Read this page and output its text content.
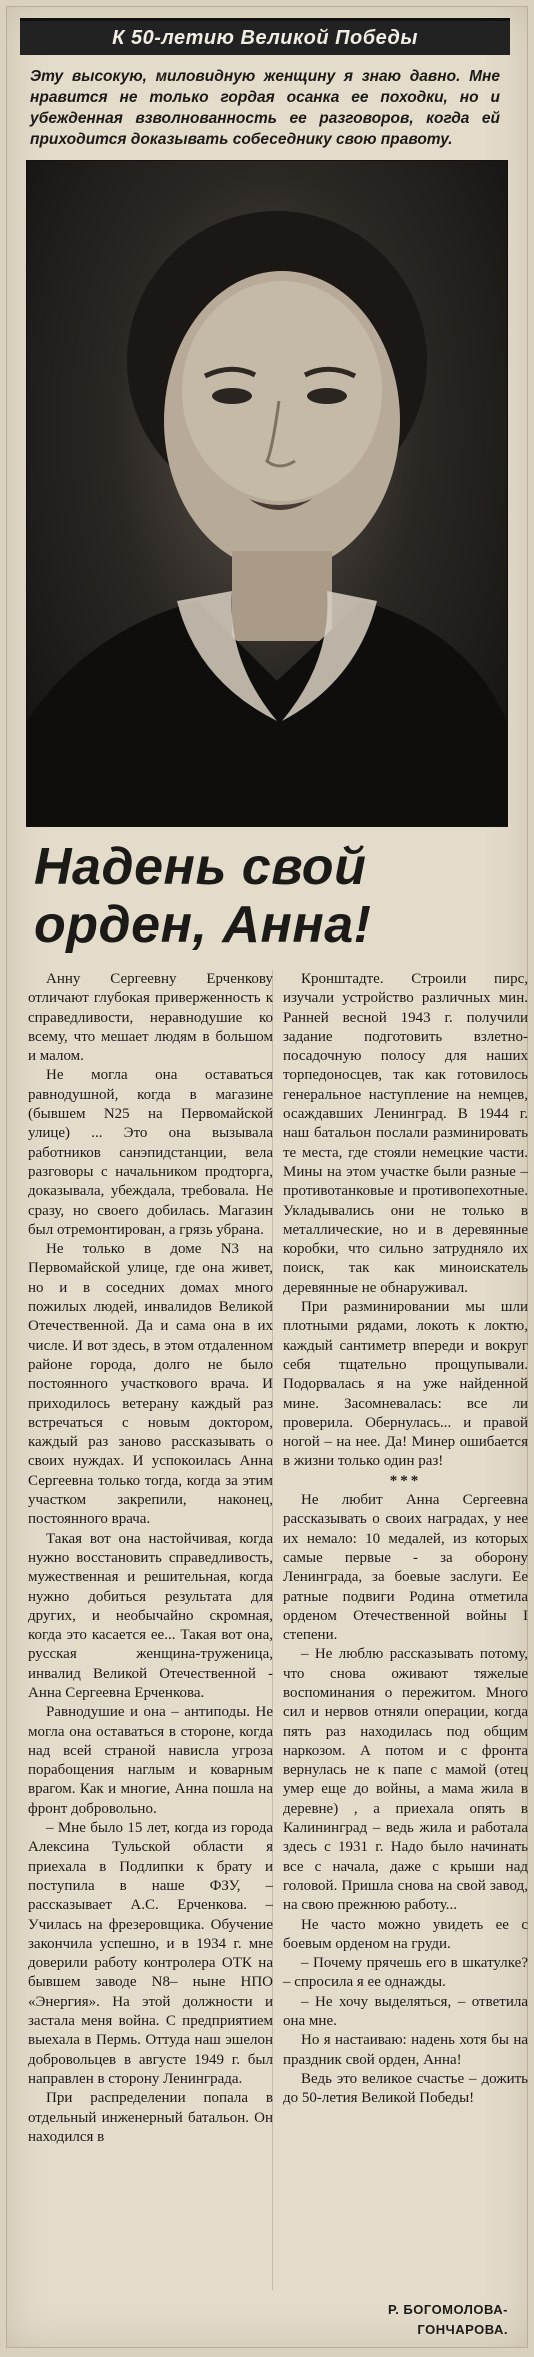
К 50-летию Великой Победы
Эту высокую, миловидную женщину я знаю давно. Мне нравится не только гордая осанка ее походки, но и убежденная взволнованность ее разговоров, когда ей приходится доказывать собеседнику свою правоту.
Надень свой
орден, Анна!

Анну Сергеевну Ерченкову отличают глубокая приверженность к справедливости, неравнодушие ко всему, что мешает людям в большом и малом.

Не могла она оставаться равнодушной, когда в магазине (бывшем N25 на Первомайской улице) ... Это она вызывала работников санэпидстанции, вела разговоры с начальником продторга, доказывала, убеждала, требовала. Не сразу, но своего добилась. Магазин был отремонтирован, а грязь убрана.

Не только в доме N3 на Первомайской улице, где она живет, но и в соседних домах много пожилых людей, инвалидов Великой Отечественной. Да и сама она в их числе. И вот здесь, в этом отдаленном районе города, долго не было постоянного участкового врача. И приходилось ветерану каждый раз встречаться с новым доктором, каждый раз заново рассказывать о своих нуждах. И успокоилась Анна Сергеевна только тогда, когда за этим участком закрепили, наконец, постоянного врача.

Такая вот она настойчивая, когда нужно восстановить справедливость, мужественная и решительная, когда нужно добиться результата для других, и необычайно скромная, когда это касается ее... Такая вот она, русская женщина-труженица, инвалид Великой Отечественной - Анна Сергеевна Ерченкова.

Равнодушие и она – антиподы. Не могла она оставаться в стороне, когда над всей страной нависла угроза порабощения наглым и коварным врагом. Как и многие, Анна пошла на фронт добровольно.

– Мне было 15 лет, когда из города Алексина Тульской области я приехала в Подлипки к брату и поступила в наше ФЗУ, – рассказывает А.С. Ерченкова. – Училась на фрезеровщика. Обучение закончила успешно, и в 1934 г. мне доверили работу контролера ОТК на бывшем заводе N8– ныне НПО «Энергия». На этой должности и застала меня война. С предприятием выехала в Пермь. Оттуда наш эшелон добровольцев в августе 1949 г. был направлен в сторону Ленинграда.

При распределении попала в отдельный инженерный батальон. Он находился в

Кронштадте. Строили пирс, изучали устройство различных мин. Ранней весной 1943 г. получили задание подготовить взлетно-посадочную полосу для наших торпедоносцев, так как готовилось генеральное наступление на немцев, осаждавших Ленинград. В 1944 г. наш батальон послали разминировать те места, где стояли немецкие части. Мины на этом участке были разные – противотанковые и противопехотные. Укладывались они не только в металлические, но и в деревянные коробки, что сильно затрудняло их поиск, так как миноискатель деревянные не обнаруживал.

При разминировании мы шли плотными рядами, локоть к локтю, каждый сантиметр впереди и вокруг себя тщательно прощупывали. Подорвалась я на уже найденной мине. Засомневалась: все ли проверила. Обернулась... и правой ногой – на нее. Да! Минер ошибается в жизни только один раз!

***

Не любит Анна Сергеевна рассказывать о своих наградах, у нее их немало: 10 медалей, из которых самые первые - за оборону Ленинграда, за боевые заслуги. Ее ратные подвиги Родина отметила орденом Отечественной войны I степени.

– Не люблю рассказывать потому, что снова оживают тяжелые воспоминания о пережитом. Много сил и нервов отняли операции, когда пять раз находилась под общим наркозом. А потом и с фронта вернулась не к папе с мамой (отец умер еще до войны, а мама жила в деревне) , а приехала опять в Калининград – ведь жила и работала здесь с 1931 г. Надо было начинать все с начала, даже с крыши над головой. Пришла снова на свой завод, на свою прежнюю работу...

Не часто можно увидеть ее с боевым орденом на груди.

– Почему прячешь его в шкатулке? – спросила я ее однажды.

– Не хочу выделяться, – ответила она мне.

Но я настаиваю: надень хотя бы на праздник свой орден, Анна!

Ведь это великое счастье – дожить до 50-летия Великой Победы!

Р. БОГОМОЛОВА-
ГОНЧАРОВА.
